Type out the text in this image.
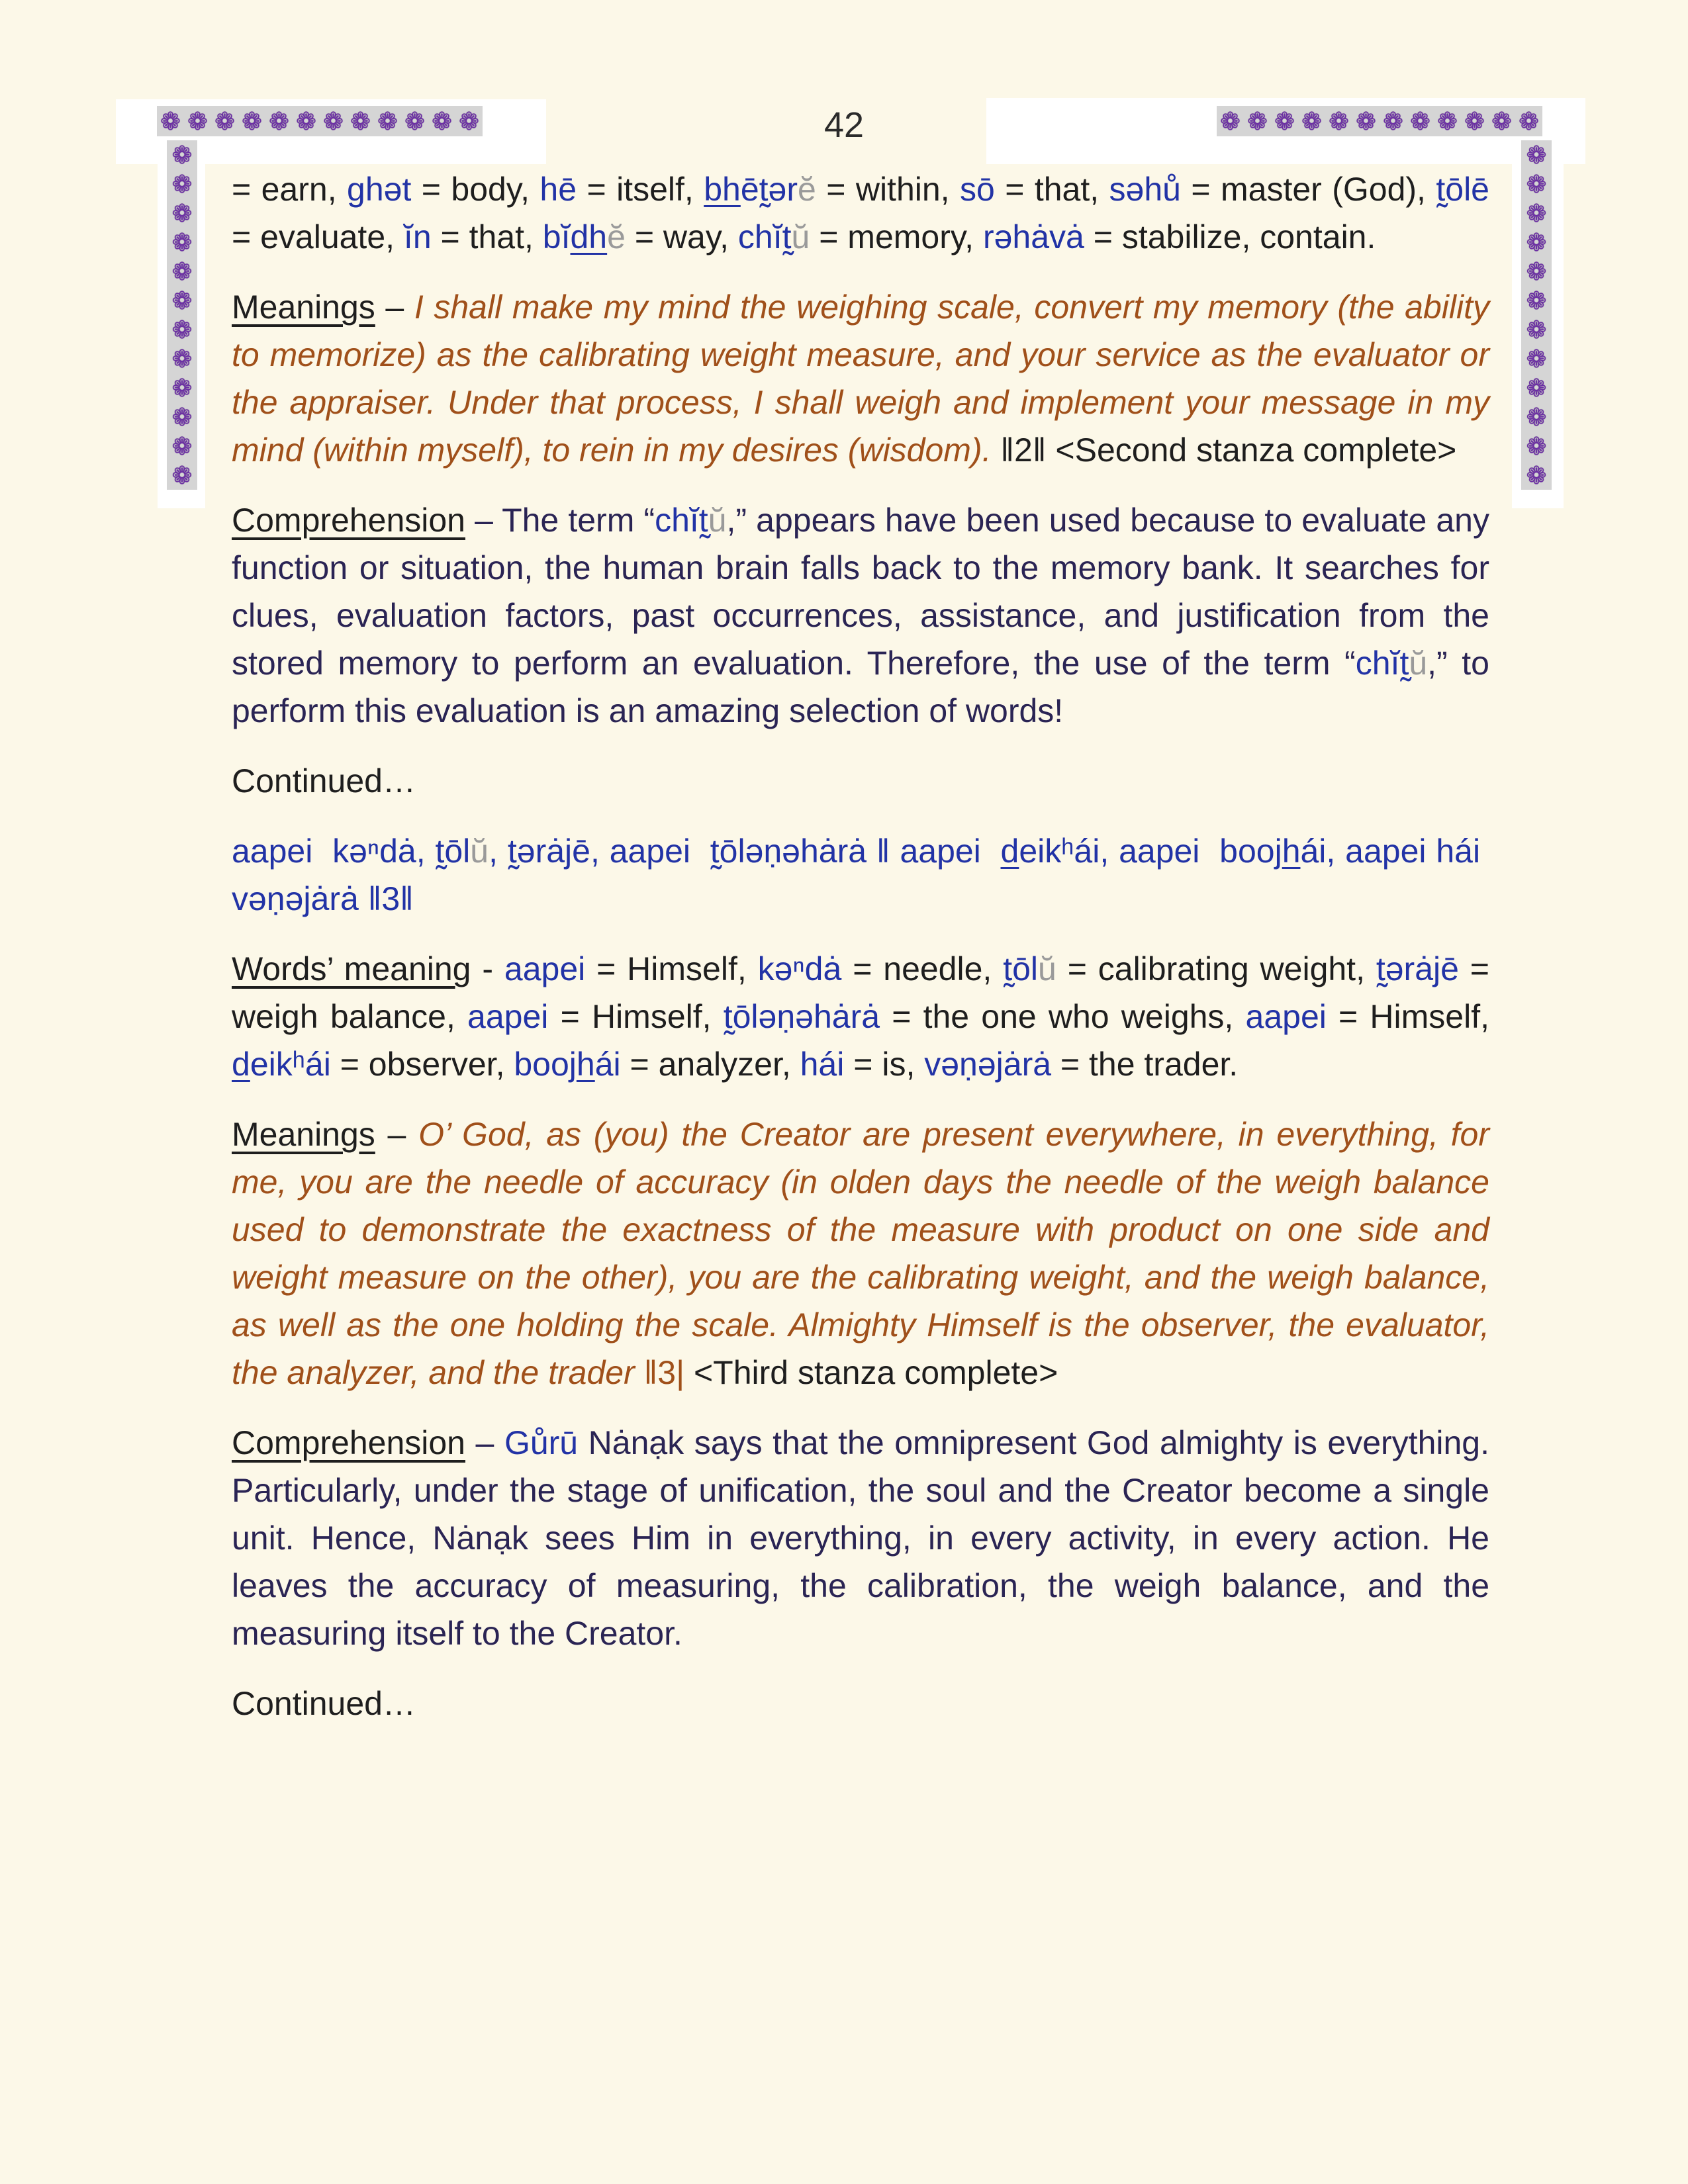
❁ ❁ ❁ ❁ ❁ ❁ ❁ ❁ ❁ ❁ ❁ ❁	❁ ❁ ❁ ❁ ❁ ❁ ❁ ❁ ❁ ❁ ❁ ❁
❁
❁
❁
❁
❁
❁
❁
❁
❁
❁
❁
❁
❁
❁
❁
❁
❁
❁
❁
❁
❁
❁
❁
❁
42

= earn, ghət = body, hē = itself, bhēt̰ərĕ = within, sō = that, səhů = master (God), t̰ōlē = evaluate, ĭn = that, bĭdhĕ = way, chĭt̰ŭ = memory, rəhȧvȧ = stabilize, contain.

Meanings – I shall make my mind the weighing scale, convert my memory (the ability to memorize) as the calibrating weight measure, and your service as the evaluator or the appraiser. Under that process, I shall weigh and implement your message in my mind (within myself), to rein in my desires (wisdom). ‖2‖ <Second stanza complete>

Comprehension – The term “chĭt̰ŭ,” appears have been used because to evaluate any function or situation, the human brain falls back to the memory bank. It searches for clues, evaluation factors, past occurrences, assistance, and justification from the stored memory to perform an evaluation. Therefore, the use of the term “chĭt̰ŭ,” to perform this evaluation is an amazing selection of words!

Continued…

aapei  kəⁿdȧ, t̰ōlŭ, t̰ərȧjē, aapei  t̰ōləṇəhȧrȧ ‖ aapei  deikʰái, aapei  boojhái, aapei hái  vəṇəjȧrȧ ‖3‖

Words’ meaning - aapei = Himself, kəⁿdȧ = needle, t̰ōlŭ = calibrating weight, t̰ərȧjē = weigh balance, aapei = Himself, t̰ōləṇəhȧrȧ = the one who weighs, aapei = Himself, deikʰái = observer, boojhái = analyzer, hái = is, vəṇəjȧrȧ = the trader.

Meanings – O’ God, as (you) the Creator are present everywhere, in everything, for me, you are the needle of accuracy (in olden days the needle of the weigh balance used to demonstrate the exactness of the measure with product on one side and weight measure on the other), you are the calibrating weight, and the weigh balance, as well as the one holding the scale. Almighty Himself is the observer, the evaluator, the analyzer, and the trader ‖3| <Third stanza complete>

Comprehension – Gůrū Nȧnạk says that the omnipresent God almighty is everything. Particularly, under the stage of unification, the soul and the Creator become a single unit. Hence, Nȧnạk sees Him in everything, in every activity, in every action. He leaves the accuracy of measuring, the calibration, the weigh balance, and the measuring itself to the Creator.

Continued…
